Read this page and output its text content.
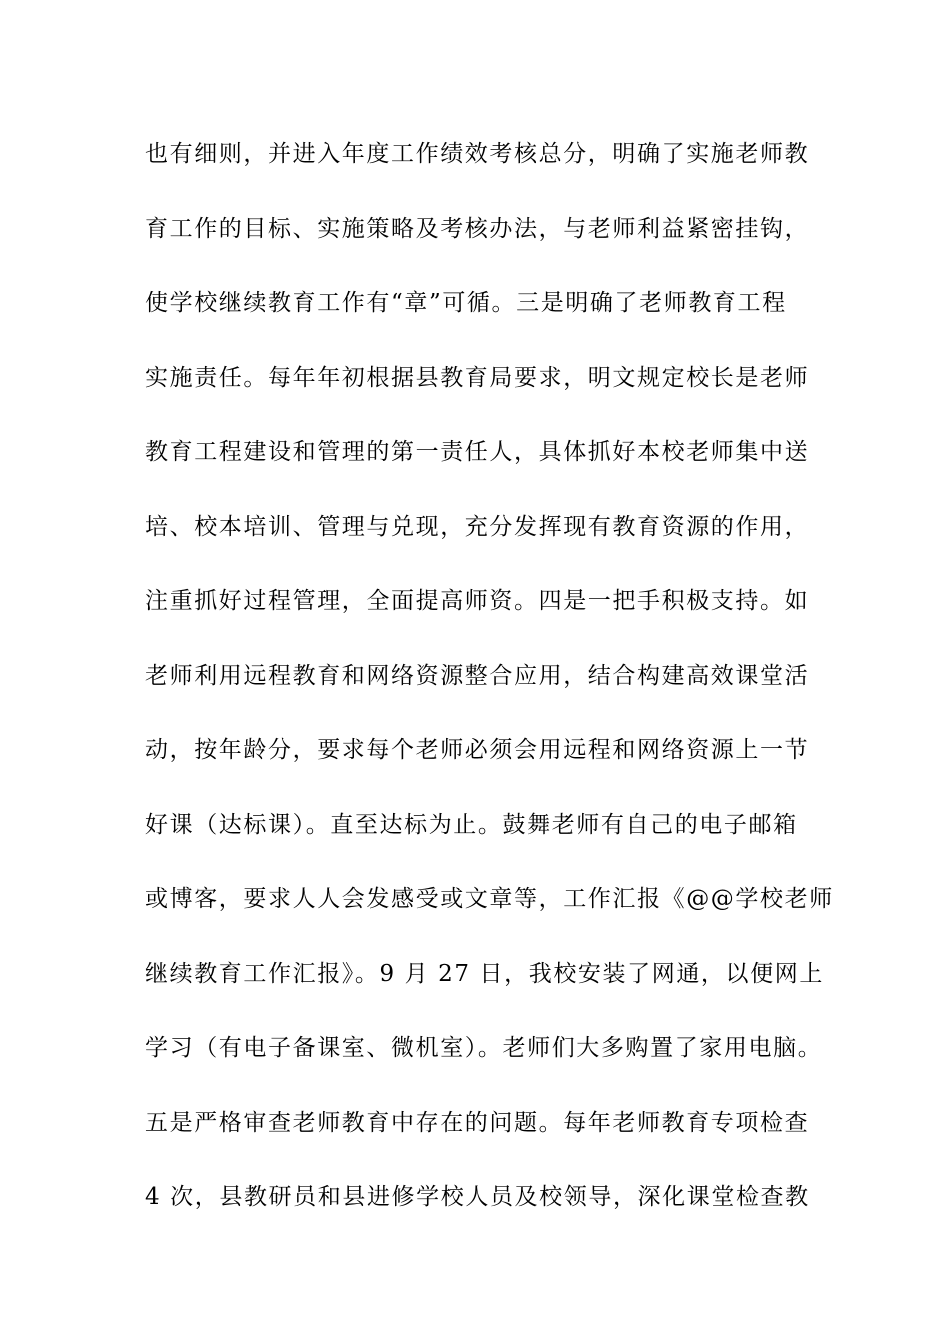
也有细则，并进入年度工作绩效考核总分，明确了实施老师教
育工作的目标、实施策略及考核办法，与老师利益紧密挂钩，
使学校继续教育工作有“章”可循。三是明确了老师教育工程
实施责任。每年年初根据县教育局要求，明文规定校长是老师
教育工程建设和管理的第一责任人，具体抓好本校老师集中送
培、校本培训、管理与兑现，充分发挥现有教育资源的作用，
注重抓好过程管理，全面提高师资。四是一把手积极支持。如
老师利用远程教育和网络资源整合应用，结合构建高效课堂活
动，按年龄分，要求每个老师必须会用远程和网络资源上一节
好课（达标课）。直至达标为止。鼓舞老师有自己的电子邮箱
或博客，要求人人会发感受或文章等，工作汇报《@@学校老师
继续教育工作汇报》。9 月 27 日，我校安装了网通，以便网上
学习（有电子备课室、微机室）。老师们大多购置了家用电脑。
五是严格审查老师教育中存在的问题。每年老师教育专项检查
4 次，县教研员和县进修学校人员及校领导，深化课堂检查教
